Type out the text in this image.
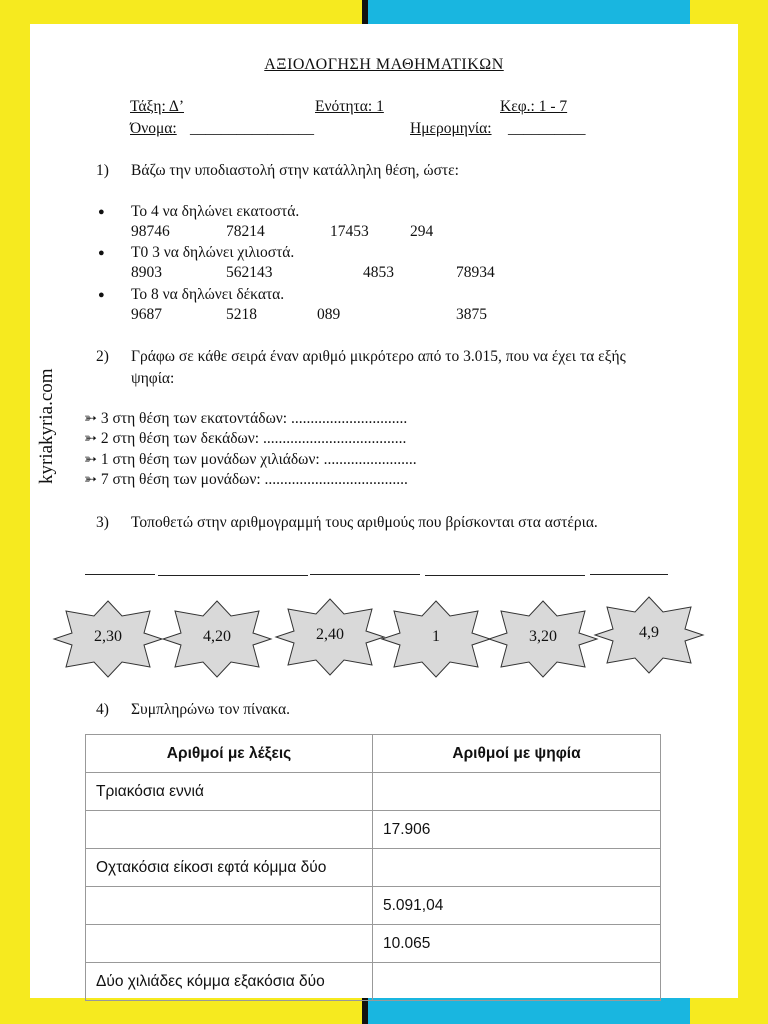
kyriakyria.com
ΑΞΙΟΛΟΓΗΣΗ ΜΑΘΗΜΑΤΙΚΩΝ
Τάξη: Δ’	Ενότητα: 1	Κεφ.: 1 - 7
Όνομα: ________________	Ημερομηνία: __________
1) Βάζω την υποδιαστολή στην κατάλληλη θέση, ώστε:
● Το 4 να δηλώνει εκατοστά.
98746	78214	17453	294
● Τ0 3 να δηλώνει χιλιοστά.
8903	562143	4853	78934
● Το 8 να δηλώνει δέκατα.
9687	5218	089	3875
2) Γράφω σε κάθε σειρά έναν αριθμό μικρότερο από το 3.015, που να έχει τα εξής
ψηφία:
➳ 3 στη θέση των εκατοντάδων: ..............................
➳ 2 στη θέση των δεκάδων: .....................................
➳ 1 στη θέση των μονάδων χιλιάδων: ........................
➳ 7 στη θέση των μονάδων: .....................................
3) Τοποθετώ στην αριθμογραμμή τους αριθμούς που βρίσκονται στα αστέρια.
2,30	4,20	2,40	1	3,20	4,9
4) Συμπληρώνω τον πίνακα.
Αριθμοί με λέξεις	Αριθμοί με ψηφία
Τριακόσια εννιά	
	17.906
Οχτακόσια είκοσι εφτά κόμμα δύο	
	5.091,04
	10.065
Δύο χιλιάδες κόμμα εξακόσια δύο	
